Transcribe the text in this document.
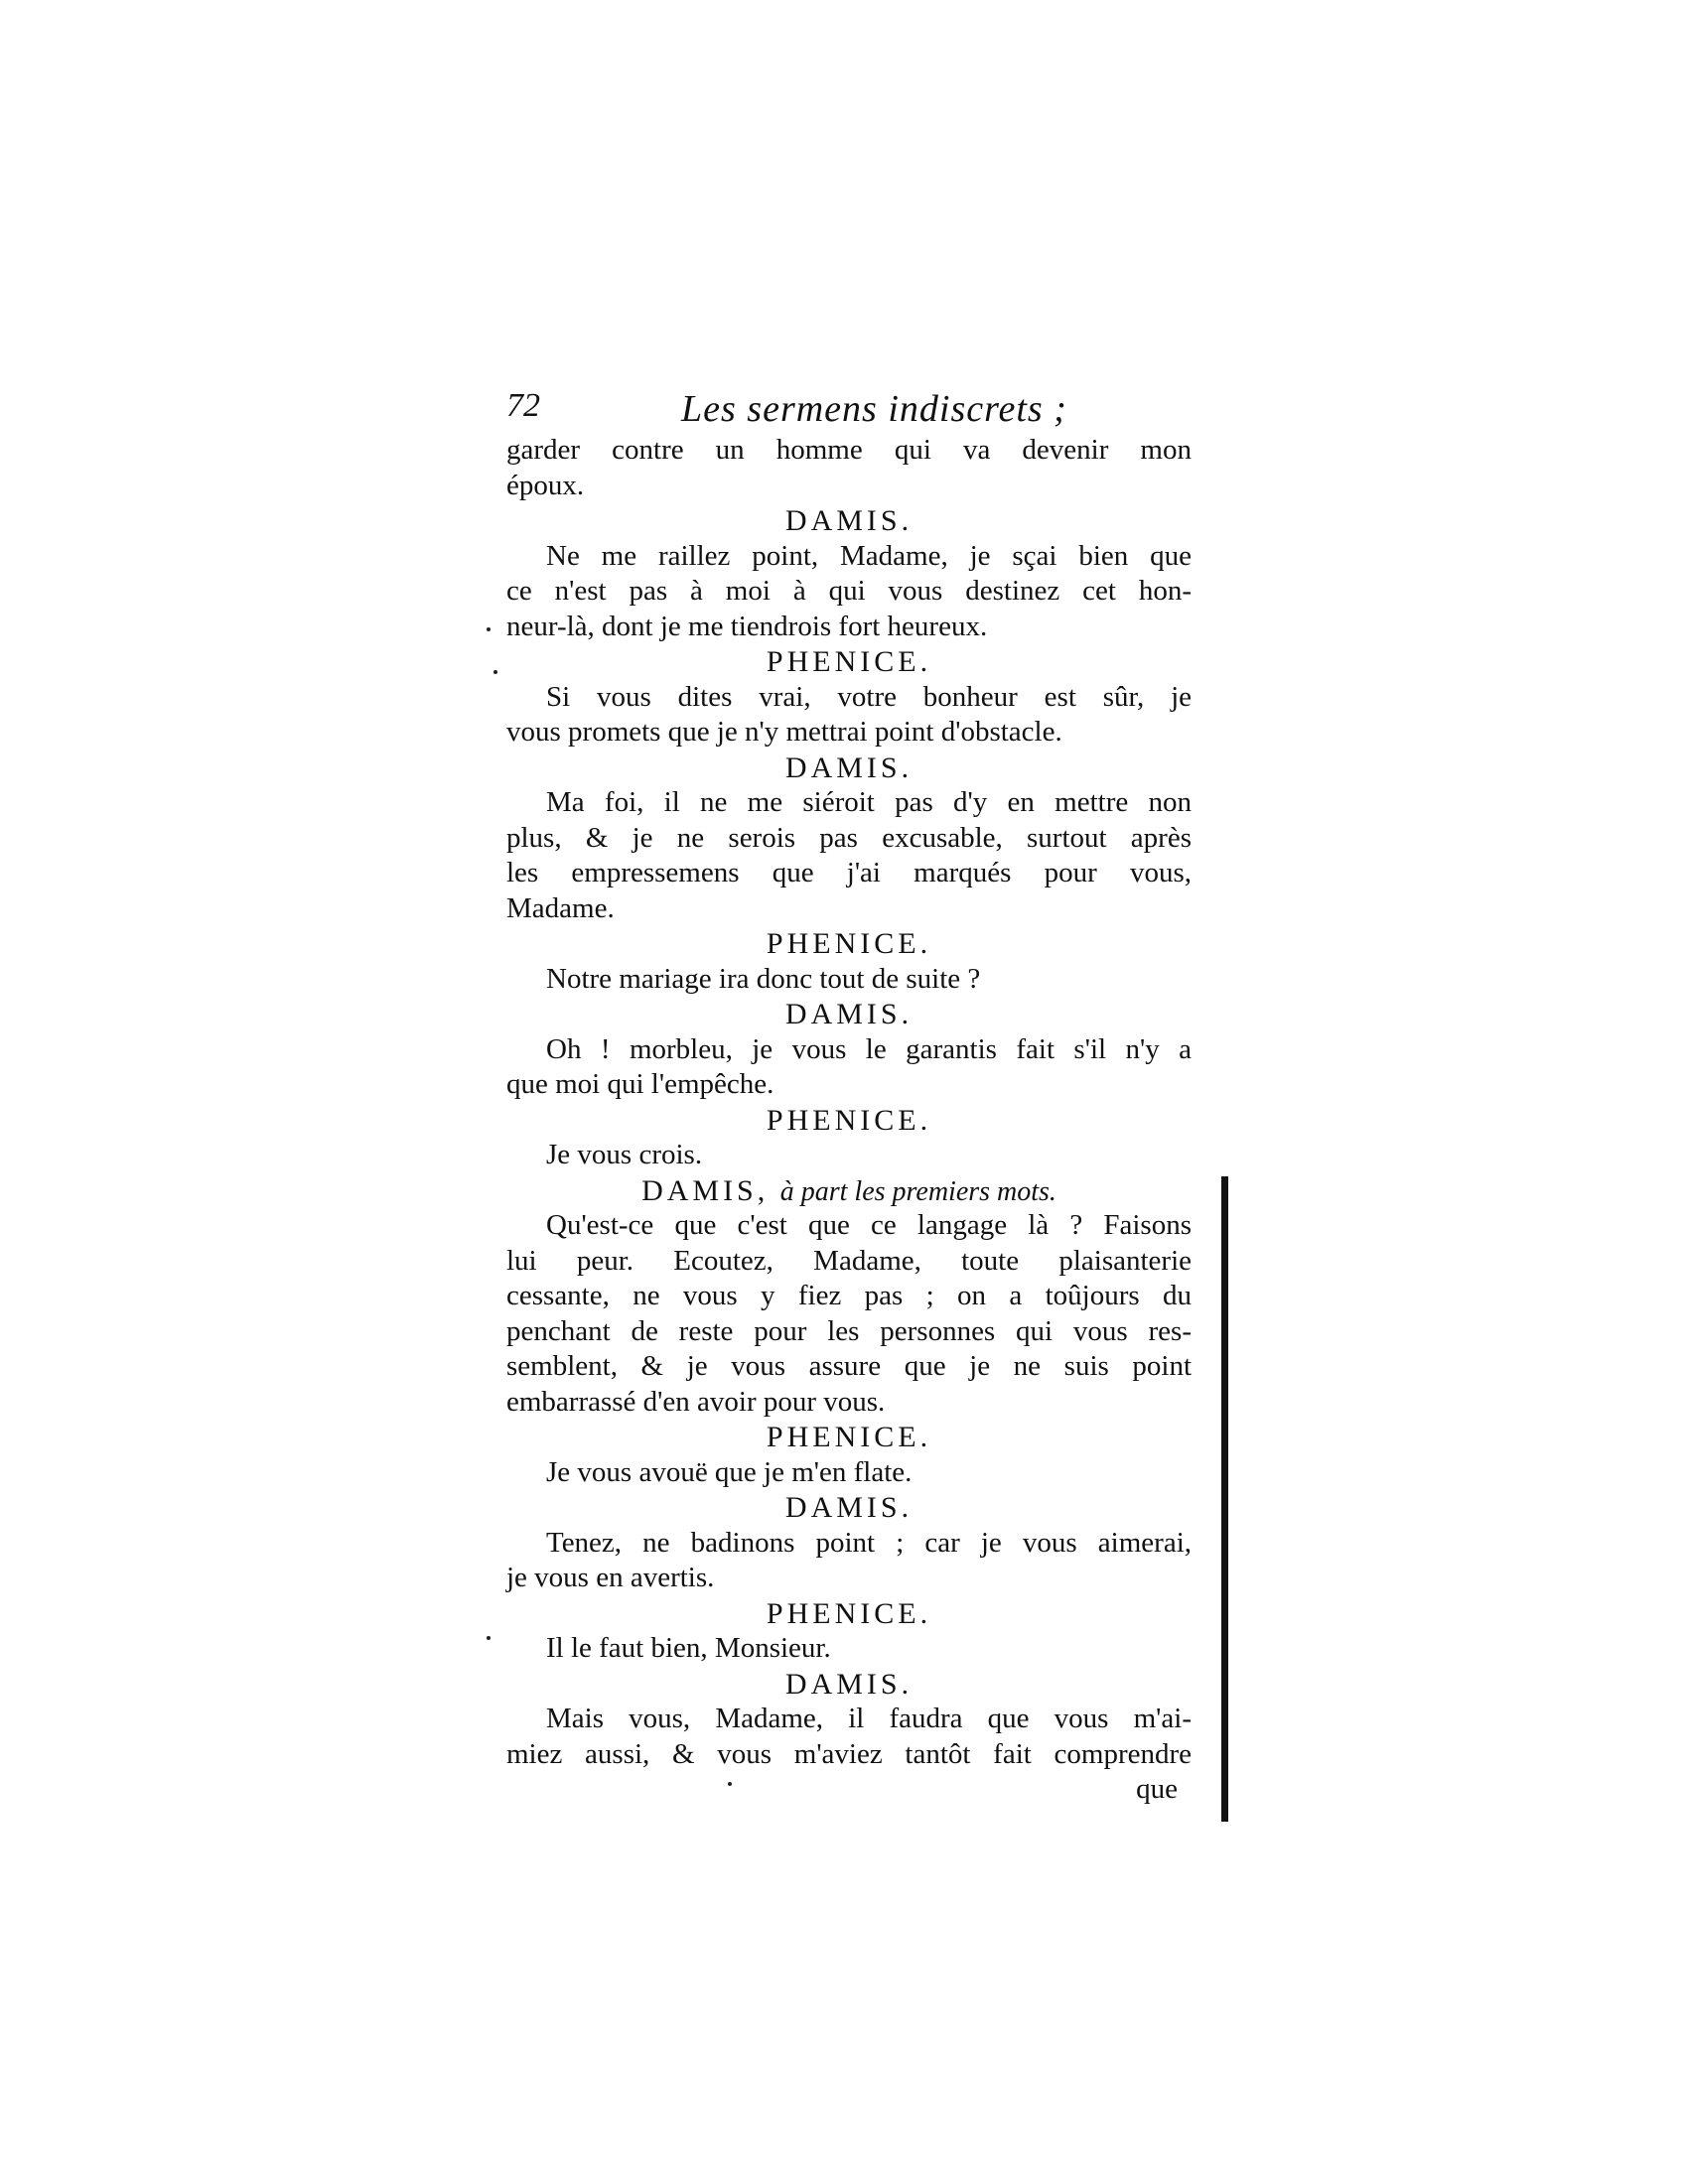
72	Les sermens indiscrets ;
garder contre un homme qui va devenir mon
époux.
DAMIS.
Ne me raillez point, Madame, je sçai bien que
ce n'est pas à moi à qui vous destinez cet hon-
neur-là, dont je me tiendrois fort heureux.
PHENICE.
Si vous dites vrai, votre bonheur est sûr, je
vous promets que je n'y mettrai point d'obstacle.
DAMIS.
Ma foi, il ne me siéroit pas d'y en mettre non
plus, & je ne serois pas excusable, surtout après
les empressemens que j'ai marqués pour vous,
Madame.
PHENICE.
Notre mariage ira donc tout de suite ?
DAMIS.
Oh ! morbleu, je vous le garantis fait s'il n'y a
que moi qui l'empêche.
PHENICE.
Je vous crois.
DAMIS, à part les premiers mots.
Qu'est-ce que c'est que ce langage là ? Faisons
lui peur. Ecoutez, Madame, toute plaisanterie
cessante, ne vous y fiez pas ; on a toûjours du
penchant de reste pour les personnes qui vous res-
semblent, & je vous assure que je ne suis point
embarrassé d'en avoir pour vous.
PHENICE.
Je vous avouë que je m'en flate.
DAMIS.
Tenez, ne badinons point ; car je vous aimerai,
je vous en avertis.
PHENICE.
Il le faut bien, Monsieur.
DAMIS.
Mais vous, Madame, il faudra que vous m'ai-
miez aussi, & vous m'aviez tantôt fait comprendre
que
